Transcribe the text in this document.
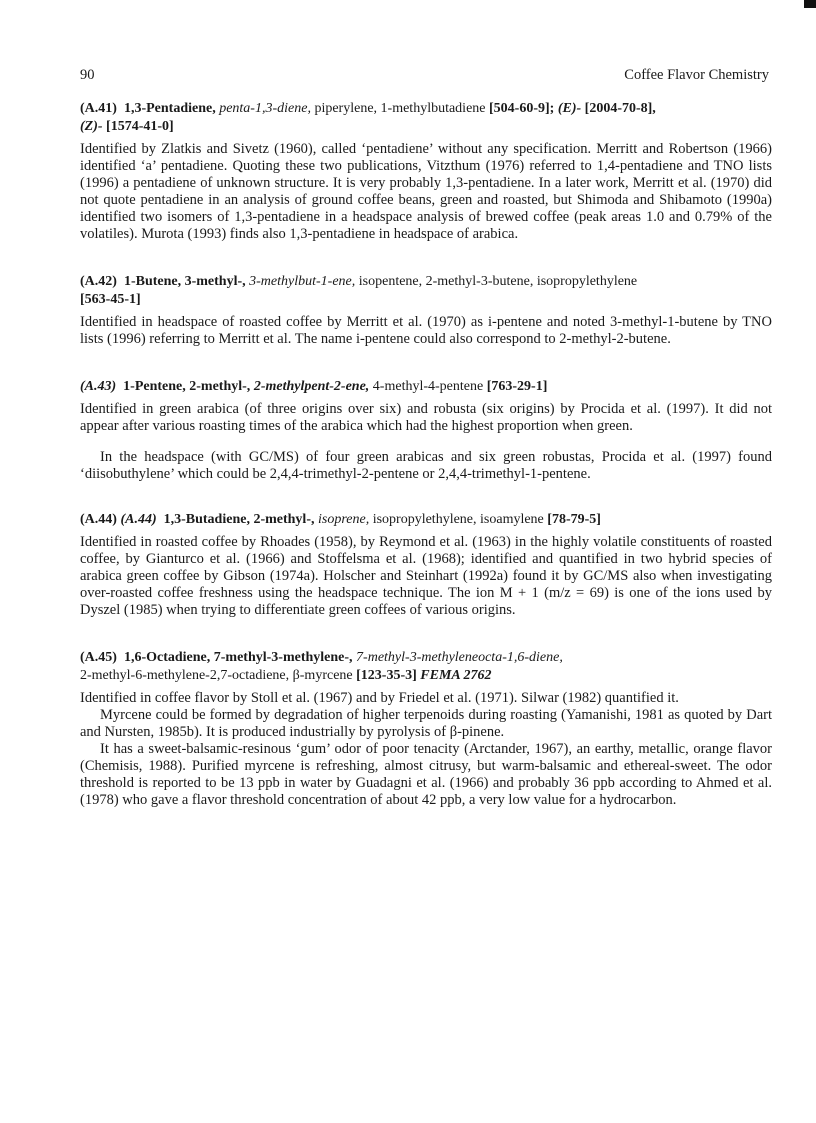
90	Coffee Flavor Chemistry
(A.41) 1,3-Pentadiene, penta-1,3-diene, piperylene, 1-methylbutadiene [504-60-9]; (E)- [2004-70-8],
(Z)- [1574-41-0]

Identified by Zlatkis and Sivetz (1960), called ‘pentadiene’ without any specification. Merritt and Robertson (1966) identified ‘a’ pentadiene. Quoting these two publications, Vitzthum (1976) referred to 1,4-pentadiene and TNO lists (1996) a pentadiene of unknown structure. It is very probably 1,3-pentadiene. In a later work, Merritt et al. (1970) did not quote pentadiene in an analysis of ground coffee beans, green and roasted, but Shimoda and Shibamoto (1990a) identified two isomers of 1,3-pentadiene in a headspace analysis of brewed coffee (peak areas 1.0 and 0.79% of the volatiles). Murota (1993) finds also 1,3-pentadiene in headspace of arabica.

(A.42) 1-Butene, 3-methyl-, 3-methylbut-1-ene, isopentene, 2-methyl-3-butene, isopropylethylene
[563-45-1]

Identified in headspace of roasted coffee by Merritt et al. (1970) as i-pentene and noted 3-methyl-1-butene by TNO lists (1996) referring to Merritt et al. The name i-pentene could also correspond to 2-methyl-2-butene.

(A.43) 1-Pentene, 2-methyl-, 2-methylpent-2-ene, 4-methyl-4-pentene [763-29-1]

Identified in green arabica (of three origins over six) and robusta (six origins) by Procida et al. (1997). It did not appear after various roasting times of the arabica which had the highest proportion when green.

In the headspace (with GC/MS) of four green arabicas and six green robustas, Procida et al. (1997) found ‘diisobuthylene’ which could be 2,4,4-trimethyl-2-pentene or 2,4,4-trimethyl-1-pentene.

(A.44) (A.44) 1,3-Butadiene, 2-methyl-, isoprene, isopropylethylene, isoamylene [78-79-5]

Identified in roasted coffee by Rhoades (1958), by Reymond et al. (1963) in the highly volatile constituents of roasted coffee, by Gianturco et al. (1966) and Stoffelsma et al. (1968); identified and quantified in two hybrid species of arabica green coffee by Gibson (1974a). Holscher and Steinhart (1992a) found it by GC/MS also when investigating over-roasted coffee freshness using the headspace technique. The ion M + 1 (m/z = 69) is one of the ions used by Dyszel (1985) when trying to differentiate green coffees of various origins.

(A.45) 1,6-Octadiene, 7-methyl-3-methylene-, 7-methyl-3-methyleneocta-1,6-diene,
2-methyl-6-methylene-2,7-octadiene, β-myrcene [123-35-3] FEMA 2762

Identified in coffee flavor by Stoll et al. (1967) and by Friedel et al. (1971). Silwar (1982) quantified it.

Myrcene could be formed by degradation of higher terpenoids during roasting (Yamanishi, 1981 as quoted by Dart and Nursten, 1985b). It is produced industrially by pyrolysis of β-pinene.

It has a sweet-balsamic-resinous ‘gum’ odor of poor tenacity (Arctander, 1967), an earthy, metallic, orange flavor (Chemisis, 1988). Purified myrcene is refreshing, almost citrusy, but warm-balsamic and ethereal-sweet. The odor threshold is reported to be 13 ppb in water by Guadagni et al. (1966) and probably 36 ppb according to Ahmed et al. (1978) who gave a flavor threshold concentration of about 42 ppb, a very low value for a hydrocarbon.
